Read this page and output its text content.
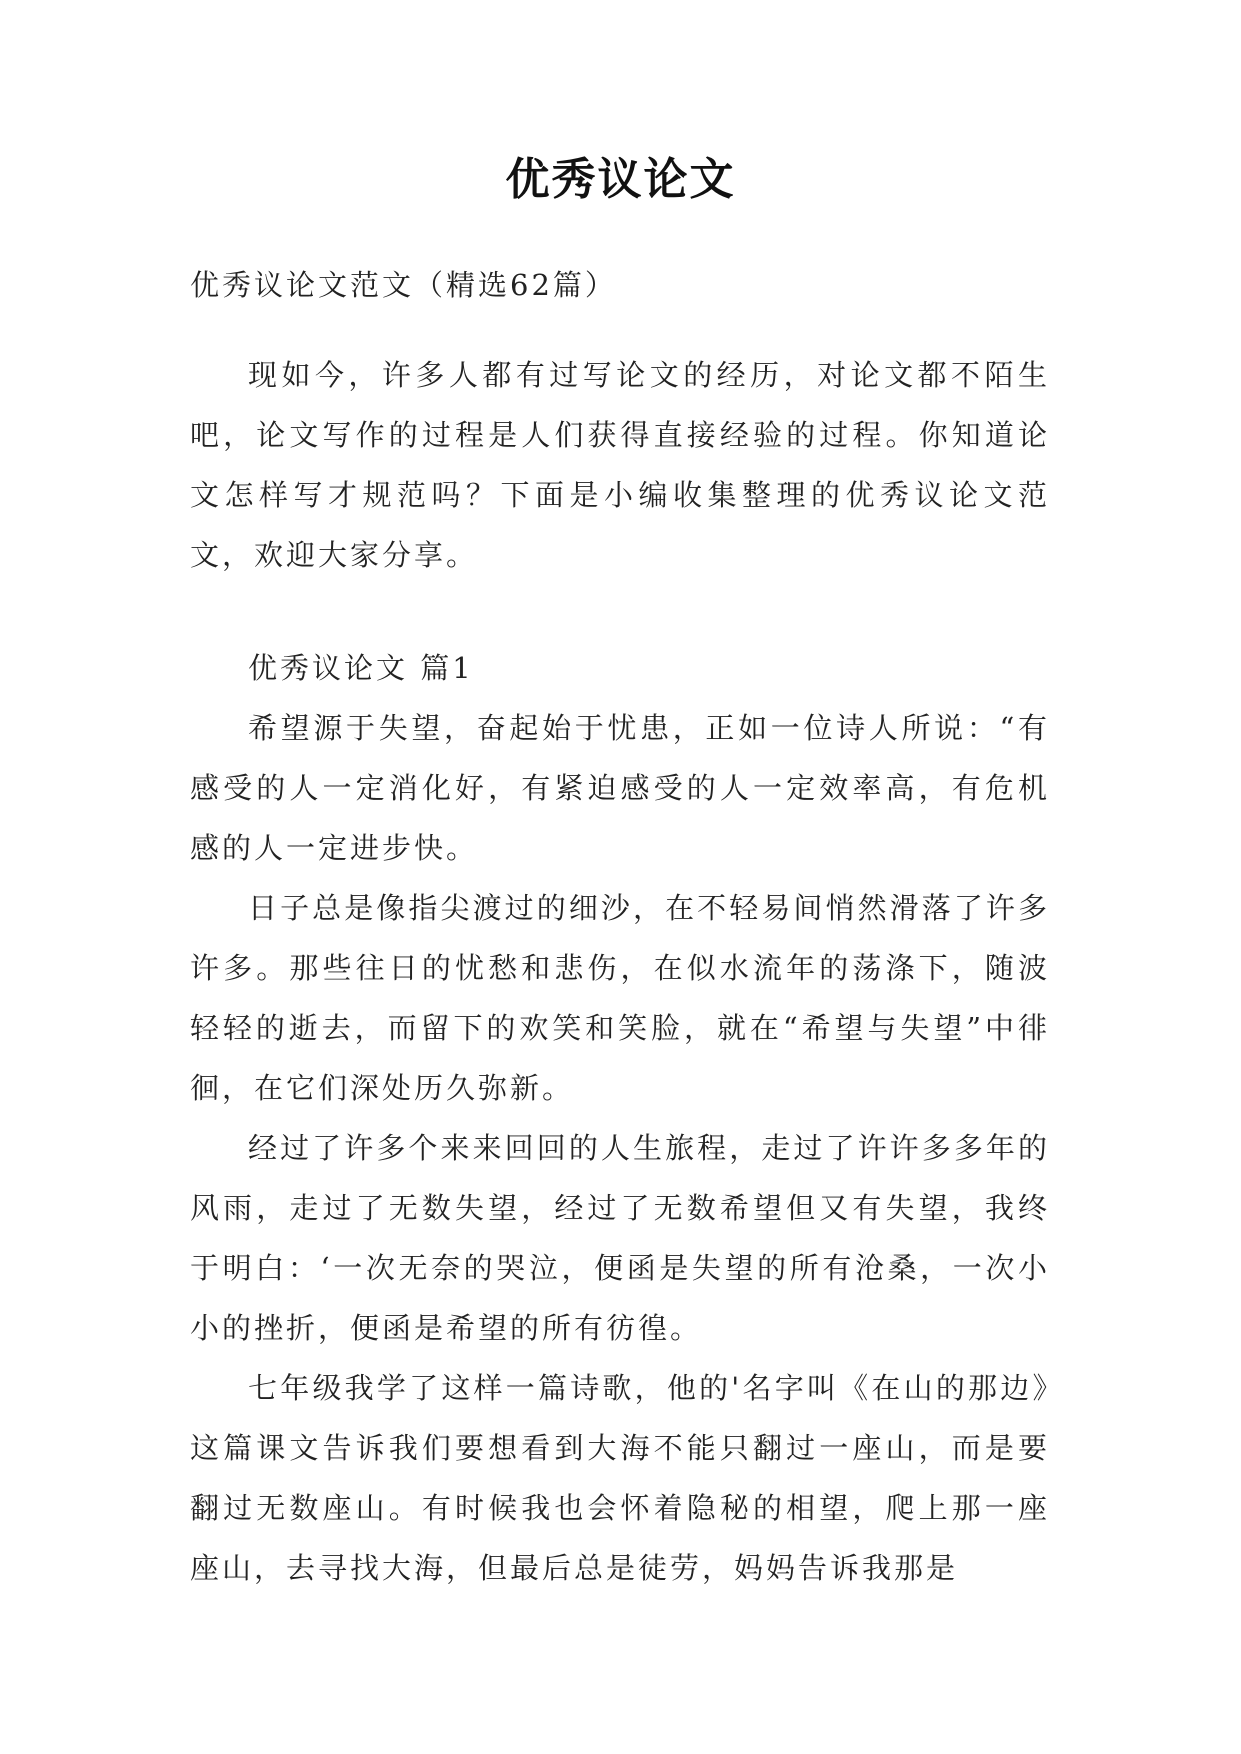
优秀议论文
优秀议论文范文（精选62篇）

现如今，许多人都有过写论文的经历，对论文都不陌生吧，论文写作的过程是人们获得直接经验的过程。你知道论文怎样写才规范吗？下面是小编收集整理的优秀议论文范文，欢迎大家分享。

优秀议论文 篇1

希望源于失望，奋起始于忧患，正如一位诗人所说：“有感受的人一定消化好，有紧迫感受的人一定效率高，有危机感的人一定进步快。

日子总是像指尖渡过的细沙，在不轻易间悄然滑落了许多许多。那些往日的忧愁和悲伤，在似水流年的荡涤下，随波轻轻的逝去，而留下的欢笑和笑脸，就在“希望与失望”中徘徊，在它们深处历久弥新。

经过了许多个来来回回的人生旅程，走过了许许多多年的风雨，走过了无数失望，经过了无数希望但又有失望，我终于明白：‘一次无奈的哭泣，便函是失望的所有沧桑，一次小小的挫折，便函是希望的所有彷徨。

七年级我学了这样一篇诗歌，他的'名字叫《在山的那边》这篇课文告诉我们要想看到大海不能只翻过一座山，而是要翻过无数座山。有时候我也会怀着隐秘的相望，爬上那一座座山，去寻找大海，但最后总是徒劳，妈妈告诉我那是
